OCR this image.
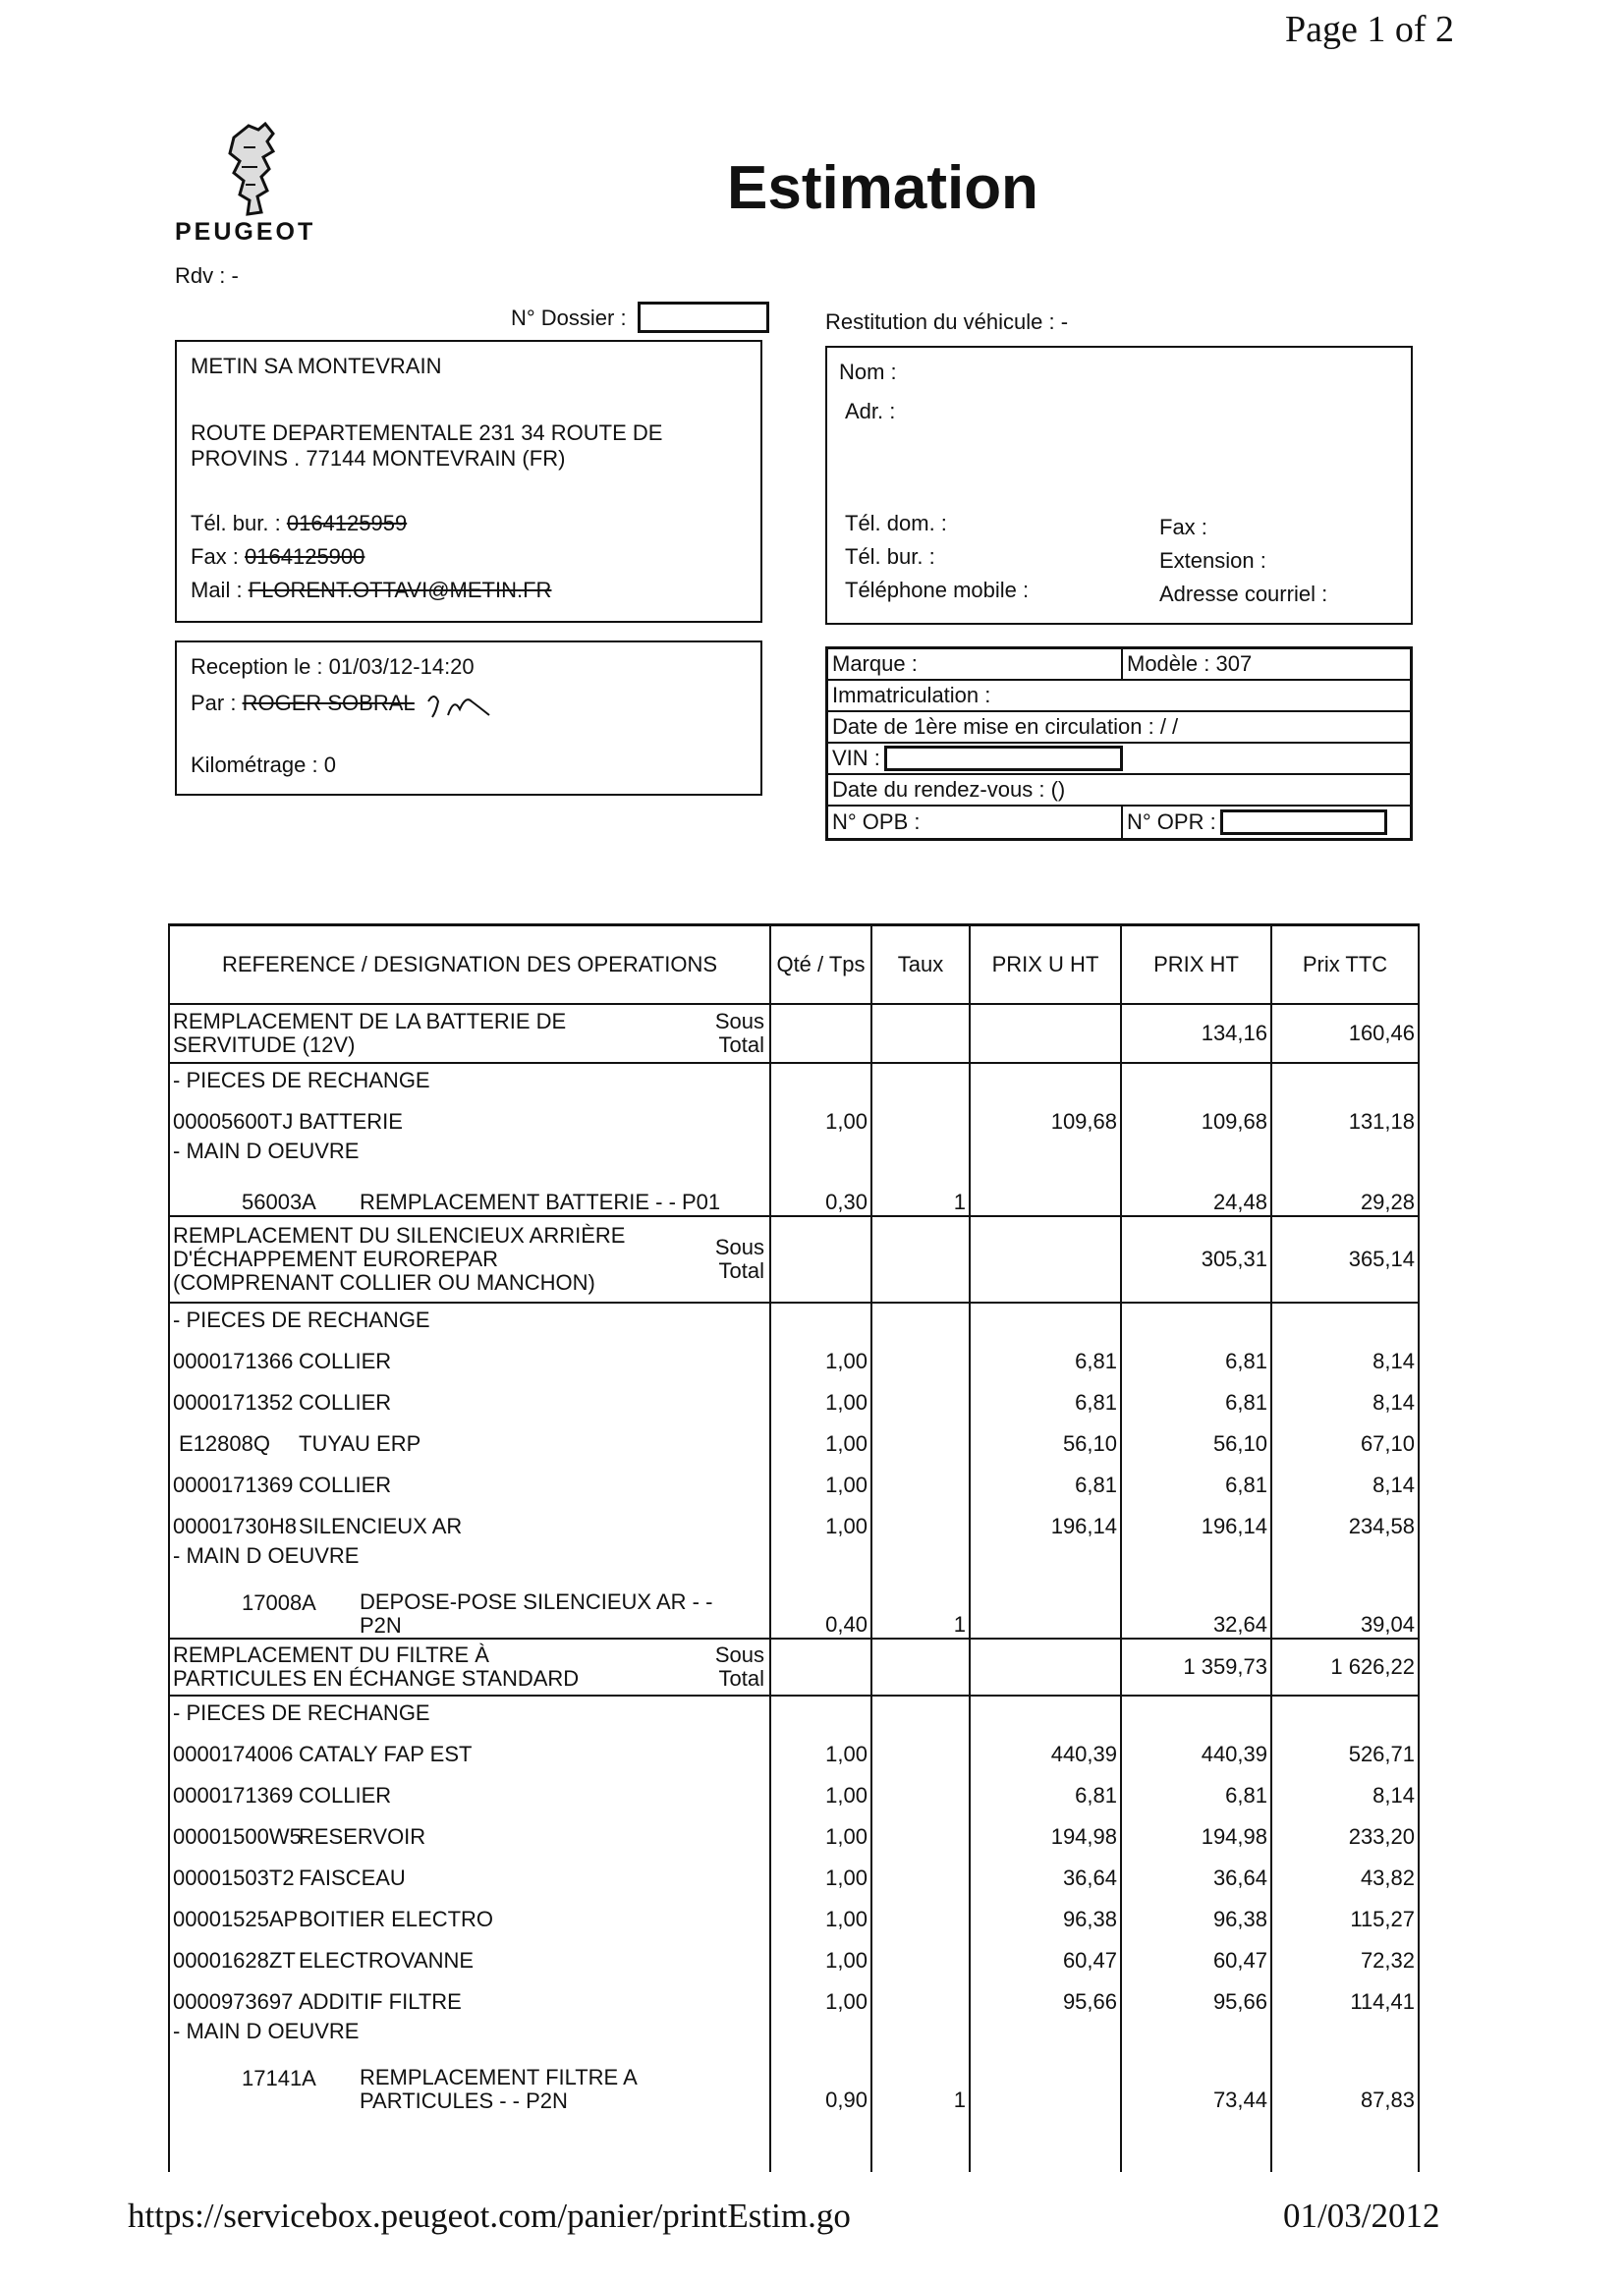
Page 1 of 2
PEUGEOT
Rdv : -
Estimation
N° Dossier :	Restitution du véhicule : -
METIN SA MONTEVRAIN
ROUTE DEPARTEMENTALE 231 34 ROUTE DE
PROVINS . 77144 MONTEVRAIN (FR)
Tél. bur. : 0164125959
Fax : 0164125900
Mail : FLORENT.OTTAVI@METIN.FR
Nom :
Adr. :
Tél. dom. :
Tél. bur. :
Téléphone mobile :
Fax :
Extension :
Adresse courriel :
Reception le : 01/03/12-14:20
Par : ROGER SOBRAL
Kilométrage : 0
Marque :	Modèle : 307
Immatriculation :
Date de 1ère mise en circulation : / /
VIN :
Date du rendez-vous : ()
N° OPB :	N° OPR :
REFERENCE / DESIGNATION DES OPERATIONS	Qté / Tps	Taux	PRIX U HT	PRIX HT	Prix TTC

REMPLACEMENT DE LA BATTERIE DE SERVITUDE (12V)
Sous Total				134,16	160,46
- PIECES DE RECHANGE					
00005600TJ BATTERIE	1,00		109,68	109,68	131,18
- MAIN D OEUVRE					

56003A REMPLACEMENT BATTERIE - - P01	0,30	1		24,48	29,28

REMPLACEMENT DU SILENCIEUX ARRIÈRE D'ÉCHAPPEMENT EUROREPAR (COMPRENANT COLLIER OU MANCHON)
Sous Total				305,31	365,14
- PIECES DE RECHANGE					
0000171366 COLLIER	1,00		6,81	6,81	8,14
0000171352 COLLIER	1,00		6,81	6,81	8,14
E12808Q TUYAU ERP	1,00		56,10	56,10	67,10
0000171369 COLLIER	1,00		6,81	6,81	8,14
00001730H8SILENCIEUX AR	1,00		196,14	196,14	234,58
- MAIN D OEUVRE					

17008A DEPOSE-POSE SILENCIEUX AR - - P2N	0,40	1		32,64	39,04

REMPLACEMENT DU FILTRE À PARTICULES EN ÉCHANGE STANDARD
Sous Total				1 359,73	1 626,22
- PIECES DE RECHANGE					
0000174006 CATALY FAP EST	1,00		440,39	440,39	526,71
0000171369 COLLIER	1,00		6,81	6,81	8,14
00001500W5RESERVOIR	1,00		194,98	194,98	233,20
00001503T2 FAISCEAU	1,00		36,64	36,64	43,82
00001525APBOITIER ELECTRO	1,00		96,38	96,38	115,27
00001628ZT ELECTROVANNE	1,00		60,47	60,47	72,32
0000973697 ADDITIF FILTRE	1,00		95,66	95,66	114,41
- MAIN D OEUVRE					

17141A REMPLACEMENT FILTRE A PARTICULES - - P2N	0,90	1		73,44	87,83

https://servicebox.peugeot.com/panier/printEstim.go	01/03/2012
